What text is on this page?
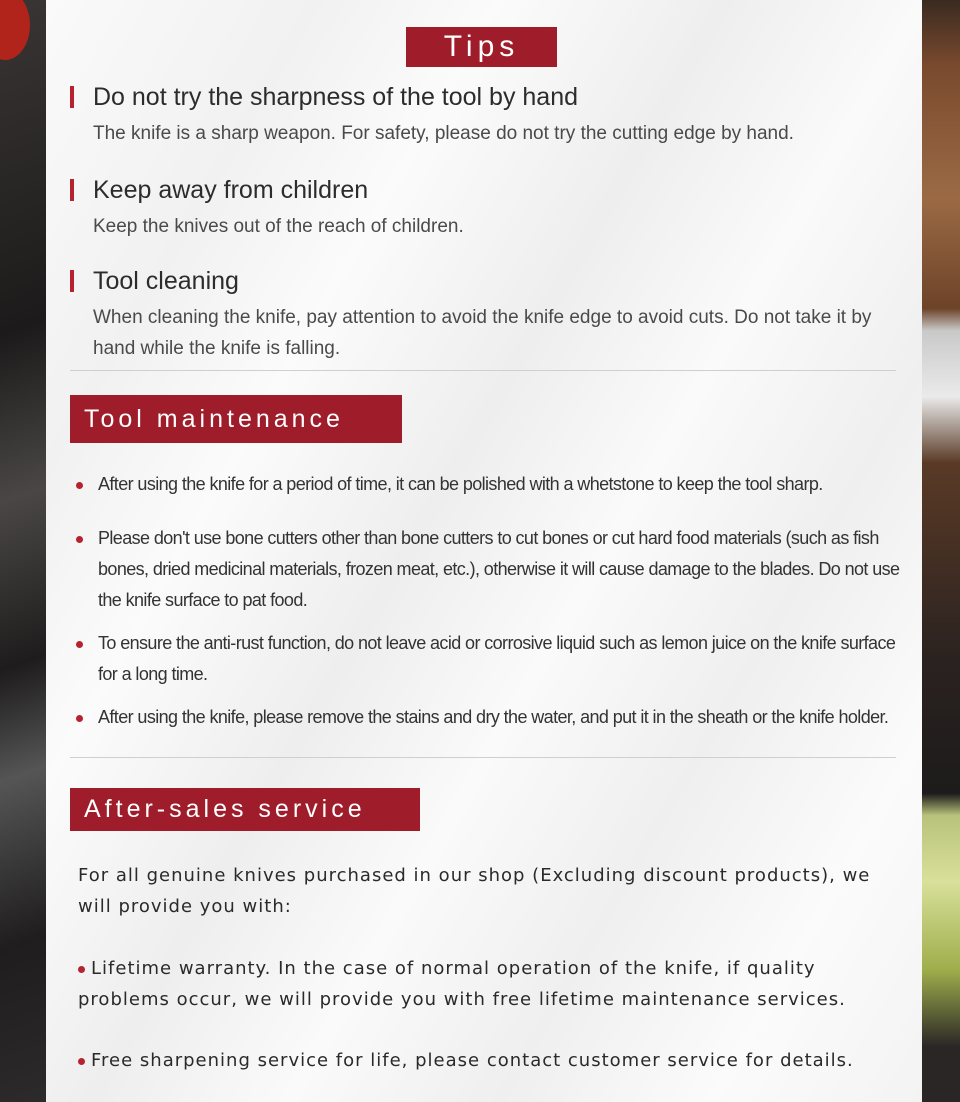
Tips
Do not try the sharpness of the tool by hand
The knife is a sharp weapon. For safety, please do not try the cutting edge by hand.
Keep away from children
Keep the knives out of the reach of children.
Tool cleaning
When cleaning the knife, pay attention to avoid the knife edge to avoid cuts. Do not take it by hand while the knife is falling.
Tool maintenance
After using the knife for a period of time, it can be polished with a whetstone to keep the tool sharp.
Please don't use bone cutters other than bone cutters to cut bones or cut hard food materials (such as fish bones, dried medicinal materials, frozen meat, etc.), otherwise it will cause damage to the blades. Do not use the knife surface to pat food.
To ensure the anti-rust function, do not leave acid or corrosive liquid such as lemon juice on the knife surface for a long time.
After using the knife, please remove the stains and dry the water, and put it in the sheath or the knife holder.
After-sales service
For all genuine knives purchased in our shop (Excluding discount products), we will provide you with:
Lifetime warranty. In the case of normal operation of the knife, if quality problems occur, we will provide you with free lifetime maintenance services.
Free sharpening service for life, please contact customer service for details.
